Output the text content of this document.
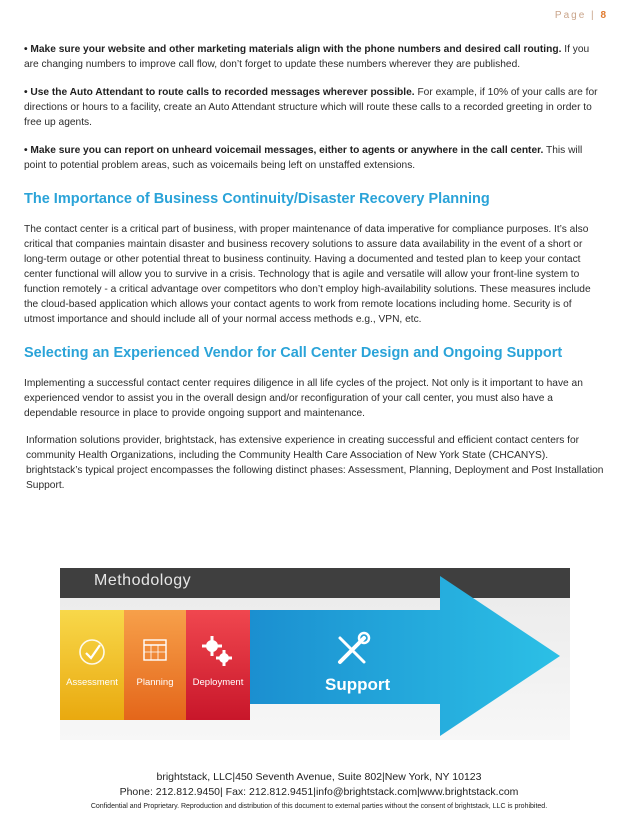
Page | 8

• Make sure your website and other marketing materials align with the phone numbers and desired call routing. If you are changing numbers to improve call flow, don’t forget to update these numbers wherever they are published.

• Use the Auto Attendant to route calls to recorded messages wherever possible. For example, if 10% of your calls are for directions or hours to a facility, create an Auto Attendant structure which will route these calls to a recorded greeting in order to free up agents.

• Make sure you can report on unheard voicemail messages, either to agents or anywhere in the call center. This will point to potential problem areas, such as voicemails being left on unstaffed extensions.

The Importance of Business Continuity/Disaster Recovery Planning

The contact center is a critical part of business, with proper maintenance of data imperative for compliance purposes. It’s also critical that companies maintain disaster and business recovery solutions to assure data availability in the event of a short or long-term outage or other potential threat to business continuity. Having a documented and tested plan to keep your contact center functional will allow you to survive in a crisis. Technology that is agile and versatile will allow your front-line system to function remotely - a critical advantage over competitors who don’t employ high-availability solutions. These measures include the cloud-based application which allows your contact agents to work from remote locations including home. Security is of utmost importance and should include all of your normal access methods e.g., VPN, etc.

Selecting an Experienced Vendor for Call Center Design and Ongoing Support

Implementing a successful contact center requires diligence in all life cycles of the project. Not only is it important to have an experienced vendor to assist you in the overall design and/or reconfiguration of your call center, you must also have a dependable resource in place to provide ongoing support and maintenance.

Information solutions provider, brightstack, has extensive experience in creating successful and efficient contact centers for community Health Organizations, including the Community Health Care Association of New York State (CHCANYS). brightstack’s typical project encompasses the following distinct phases: Assessment, Planning, Deployment and Post Installation Support.

Methodology
Assessment	Planning	Deployment	Support
brightstack, LLC|450 Seventh Avenue, Suite 802|New York, NY 10123
Phone: 212.812.9450| Fax: 212.812.9451|info@brightstack.com|www.brightstack.com
Confidential and Proprietary. Reproduction and distribution of this document to external parties without the consent of brightstack, LLC is prohibited.
